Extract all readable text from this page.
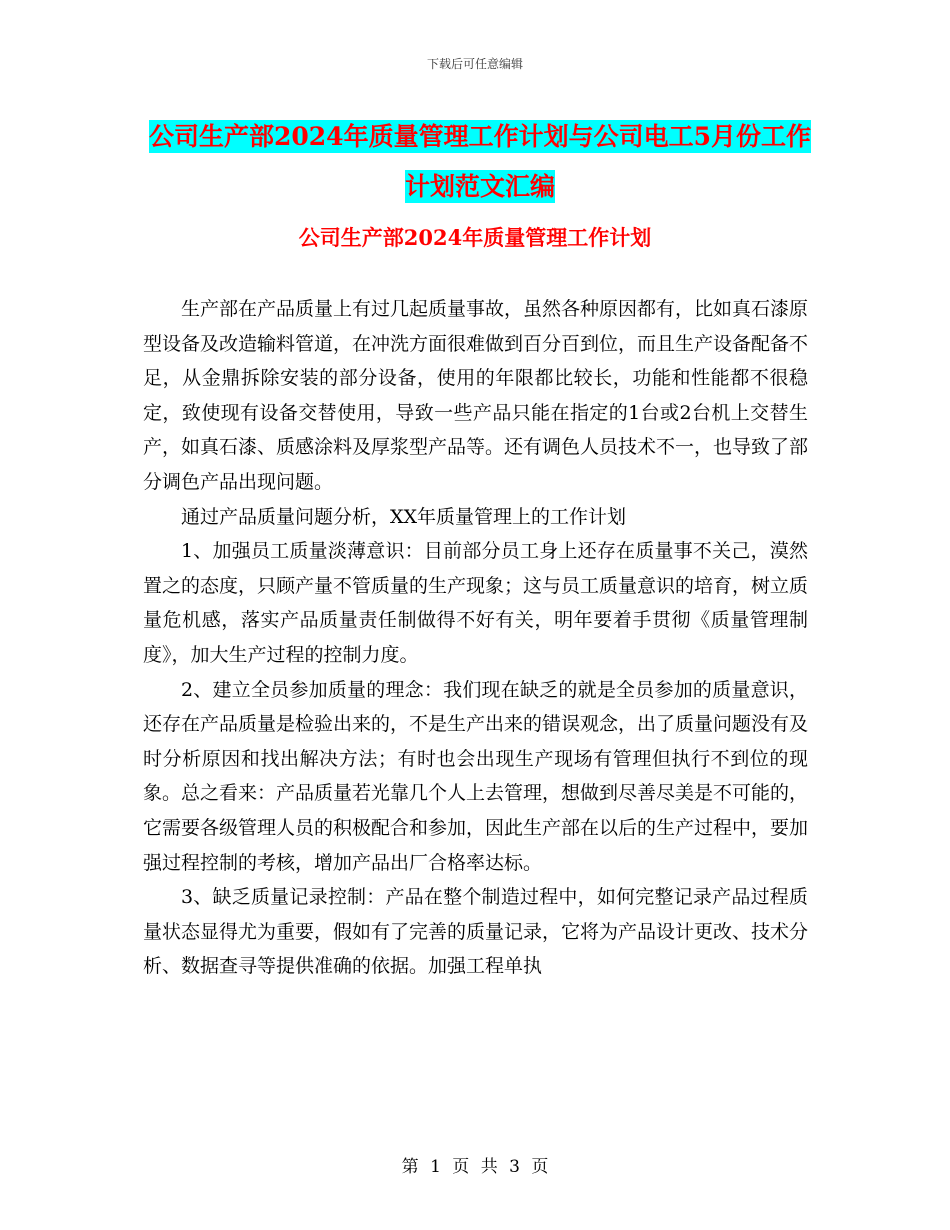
下载后可任意编辑
公司生产部2024年质量管理工作计划与公司电工5月份工作计划范文汇编
公司生产部2024年质量管理工作计划

生产部在产品质量上有过几起质量事故，虽然各种原因都有，比如真石漆原型设备及改造输料管道，在冲洗方面很难做到百分百到位，而且生产设备配备不足，从金鼎拆除安装的部分设备，使用的年限都比较长，功能和性能都不很稳定，致使现有设备交替使用，导致一些产品只能在指定的1台或2台机上交替生产，如真石漆、质感涂料及厚浆型产品等。还有调色人员技术不一，也导致了部分调色产品出现问题。

通过产品质量问题分析，XX年质量管理上的工作计划

1、加强员工质量淡薄意识：目前部分员工身上还存在质量事不关己，漠然置之的态度，只顾产量不管质量的生产现象；这与员工质量意识的培育，树立质量危机感，落实产品质量责任制做得不好有关，明年要着手贯彻《质量管理制度》，加大生产过程的控制力度。

2、建立全员参加质量的理念：我们现在缺乏的就是全员参加的质量意识，还存在产品质量是检验出来的，不是生产出来的错误观念，出了质量问题没有及时分析原因和找出解决方法；有时也会出现生产现场有管理但执行不到位的现象。总之看来：产品质量若光靠几个人上去管理，想做到尽善尽美是不可能的，它需要各级管理人员的积极配合和参加，因此生产部在以后的生产过程中，要加强过程控制的考核，增加产品出厂合格率达标。

3、缺乏质量记录控制：产品在整个制造过程中，如何完整记录产品过程质量状态显得尤为重要，假如有了完善的质量记录，它将为产品设计更改、技术分析、数据查寻等提供准确的依据。加强工程单执

第 1 页 共 3 页
